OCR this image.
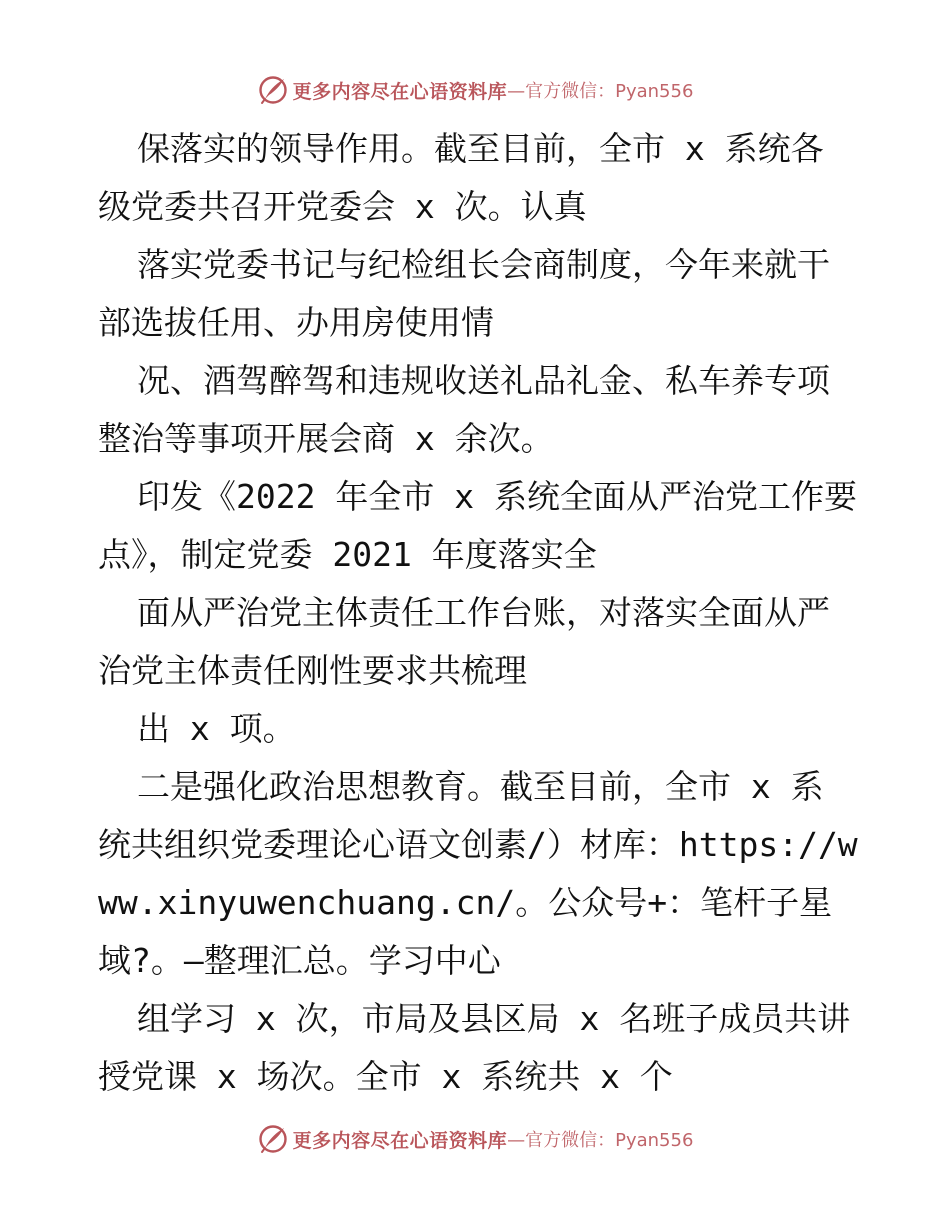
更多内容尽在心语资料库 —官方微信：Pyan556
保落实的领导作用。截至目前，全市 x 系统各
级党委共召开党委会 x 次。认真
落实党委书记与纪检组长会商制度，今年来就干
部选拔任用、办用房使用情
况、酒驾醉驾和违规收送礼品礼金、私车养专项
整治等事项开展会商 x 余次。
印发《2022 年全市 x 系统全面从严治党工作要
点》，制定党委 2021 年度落实全
面从严治党主体责任工作台账，对落实全面从严
治党主体责任刚性要求共梳理
出 x 项。
二是强化政治思想教育。截至目前，全市 x 系
统共组织党委理论心语文创素/）材库：https://w
ww.xinyuwenchuang.cn/。公众号+：笔杆子星
域?。—整理汇总。学习中心
组学习 x 次，市局及县区局 x 名班子成员共讲
授党课 x 场次。全市 x 系统共 x 个
更多内容尽在心语资料库 —官方微信：Pyan556
